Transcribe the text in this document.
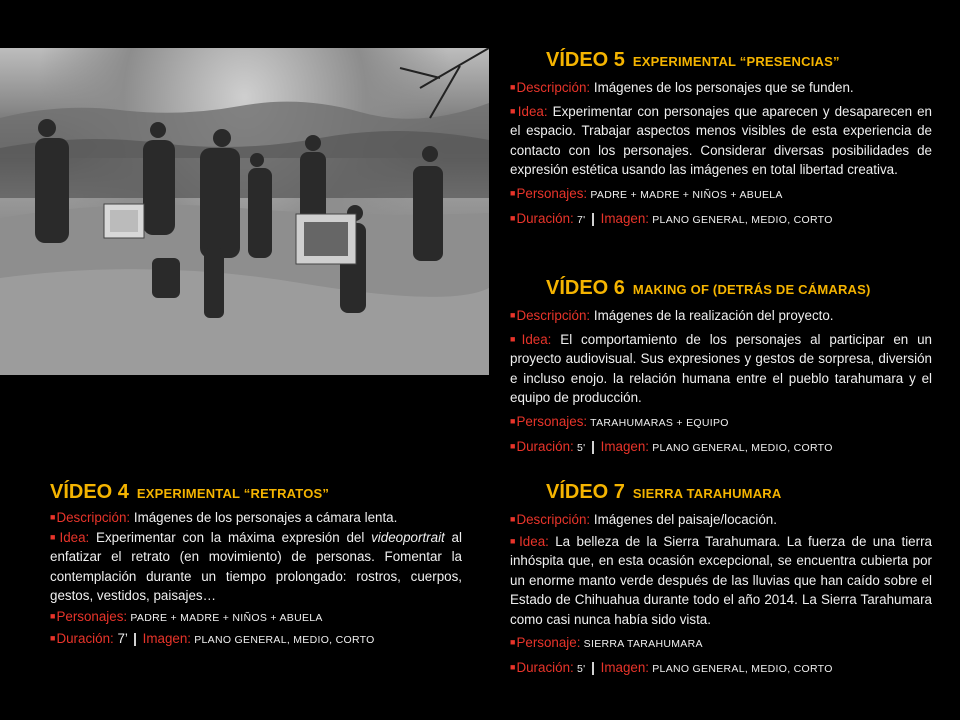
VÍDEO 5 EXPERIMENTAL “PRESENCIAS”
■Descripción: Imágenes de los personajes que se funden.
■Idea: Experimentar con personajes que aparecen y desaparecen en el espacio. Trabajar aspectos menos visibles de esta experiencia de contacto con los personajes. Considerar diversas posibilidades de expresión estética usando las imágenes en total libertad creativa.
■Personajes: PADRE + MADRE + NIÑOS + ABUELA
■Duración: 7' | Imagen: PLANO GENERAL, MEDIO, CORTO
VÍDEO 6 MAKING OF (DETRÁS DE CÁMARAS)
■Descripción: Imágenes de la realización del proyecto.
■Idea: El comportamiento de los personajes al participar en un proyecto audiovisual. Sus expresiones y gestos de sorpresa, diversión e incluso enojo. la relación humana entre el pueblo tarahumara y el equipo de producción.
■Personajes: TARAHUMARAS + EQUIPO
■Duración: 5' | Imagen: PLANO GENERAL, MEDIO, CORTO
VÍDEO 4 EXPERIMENTAL “RETRATOS”
■Descripción: Imágenes de los personajes a cámara lenta.
■Idea: Experimentar con la máxima expresión del videoportrait al enfatizar el retrato (en movimiento) de personas. Fomentar la contemplación durante un tiempo prolongado: rostros, cuerpos, gestos, vestidos, paisajes…
■Personajes: PADRE + MADRE + NIÑOS + ABUELA
■Duración: 7’ | Imagen: PLANO GENERAL, MEDIO, CORTO
VÍDEO 7 SIERRA TARAHUMARA
■Descripción: Imágenes del paisaje/locación.
■Idea: La belleza de la Sierra Tarahumara. La fuerza de una tierra inhóspita que, en esta ocasión excepcional, se encuentra cubierta por un enorme manto verde después de las lluvias que han caído sobre el Estado de Chihuahua durante todo el año 2014. La Sierra Tarahumara como casi nunca había sido vista.
■Personaje: SIERRA TARAHUMARA
■Duración: 5' | Imagen: PLANO GENERAL, MEDIO, CORTO
